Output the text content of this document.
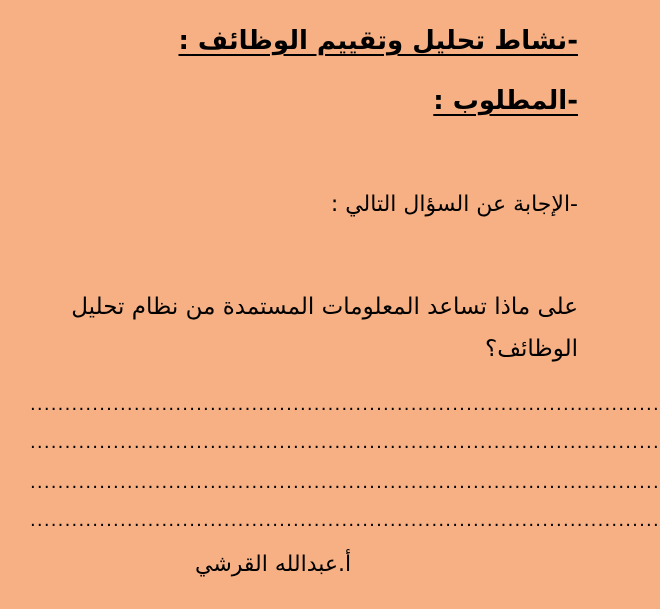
-نشاط تحليل وتقييم الوظائف :
-المطلوب :
-الإجابة عن السؤال التالي :
على ماذا تساعد المعلومات المستمدة من نظام تحليل الوظائف؟
...........................................................................................
...........................................................................................
...........................................................................................
...........................................................................................
أ.عبدالله القرشي
